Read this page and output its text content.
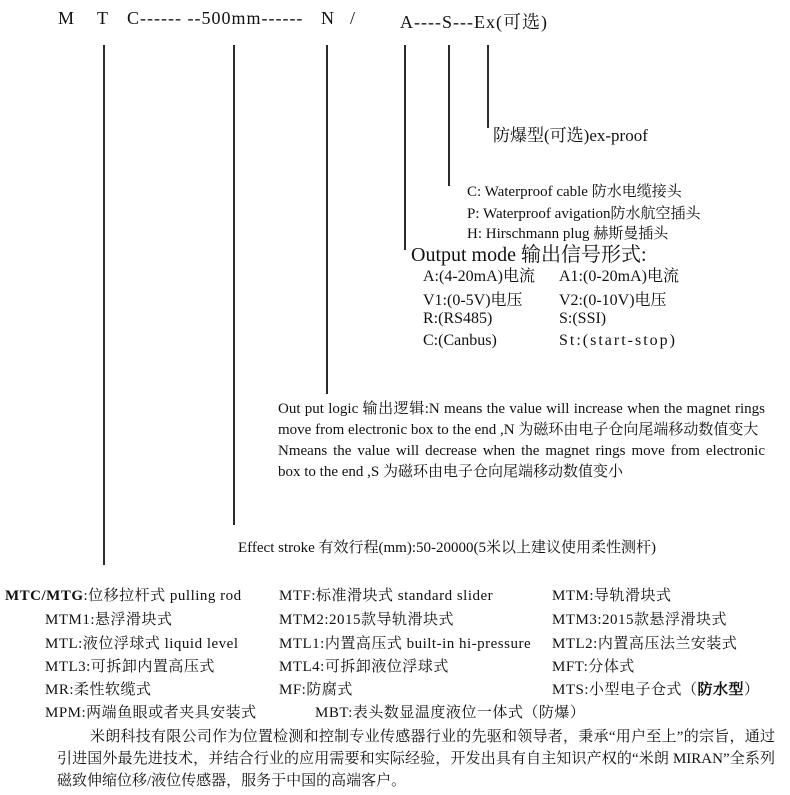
M T C------ --500mm------ N / A----S---Ex(可选)
防爆型(可选)ex-proof
C: Waterproof cable 防水电缆接头
P: Waterproof avigation防水航空插头
H: Hirschmann plug 赫斯曼插头
Output mode 输出信号形式:
A:(4-20mA)电流 A1:(0-20mA)电流
V1:(0-5V)电压 V2:(0-10V)电压
R:(RS485)	S:(SSI)
C:(Canbus)	St:(start-stop)

Out put logic 输出逻辑:N means the value will increase when the magnet rings move from electronic box to the end ,N 为磁环由电子仓向尾端移动数值变大

Nmeans the value will decrease when the magnet rings move from electronic box to the end ,S 为磁环由电子仓向尾端移动数值变小

Effect stroke 有效行程(mm):50-20000(5米以上建议使用柔性测杆)
MTC/MTG:位移拉杆式 pulling rod MTF:标准滑块式 standard slider	MTM:导轨滑块式
MTM1:悬浮滑块式	MTM2:2015款导轨滑块式	MTM3:2015款悬浮滑块式
MTL:液位浮球式 liquid level	MTL1:内置高压式 built-in hi-pressure MTL2:内置高压法兰安装式
MTL3:可拆卸内置高压式	MTL4:可拆卸液位浮球式	MFT:分体式
MR:柔性软缆式	MF:防腐式	MTS:小型电子仓式（防水型）
MPM:两端鱼眼或者夹具安装式	MBT:表头数显温度液位一体式（防爆）
米朗科技有限公司作为位置检测和控制专业传感器行业的先驱和领导者，秉承“用户至上”的宗旨，通过引进国外最先进技术，并结合行业的应用需要和实际经验，开发出具有自主知识产权的“米朗 MIRAN”全系列磁致伸缩位移/液位传感器，服务于中国的高端客户。
